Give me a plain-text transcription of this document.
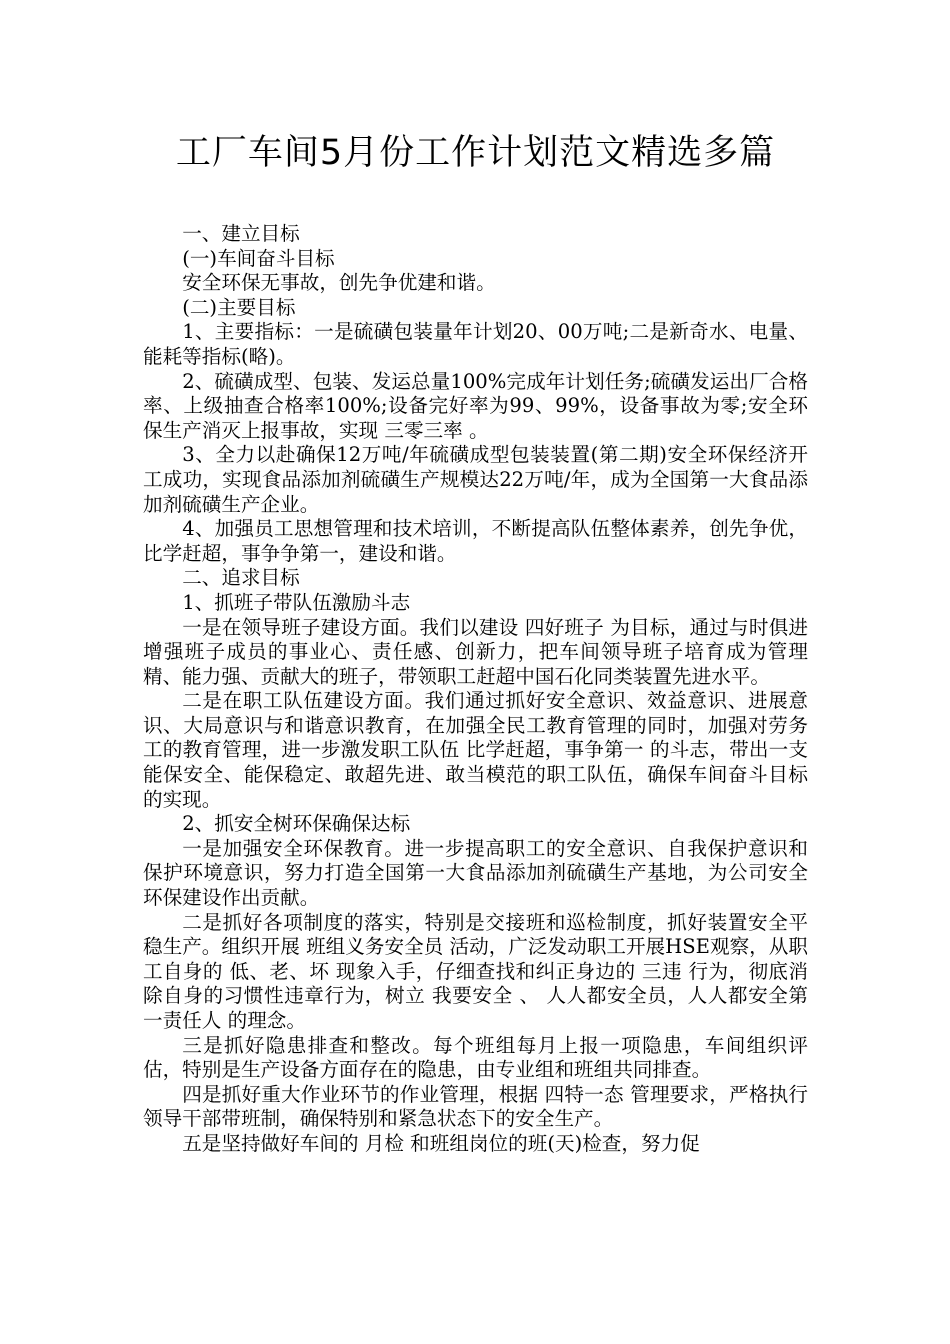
工厂车间5月份工作计划范文精选多篇

一、建立目标

(一)车间奋斗目标

安全环保无事故，创先争优建和谐。

(二)主要目标

1、主要指标：一是硫磺包装量年计划20、00万吨;二是新奇水、电量、能耗等指标(略)。

2、硫磺成型、包装、发运总量100%完成年计划任务;硫磺发运出厂合格率、上级抽查合格率100%;设备完好率为99、99%，设备事故为零;安全环保生产消灭上报事故，实现 三零三率 。

3、全力以赴确保12万吨/年硫磺成型包装装置(第二期)安全环保经济开工成功，实现食品添加剂硫磺生产规模达22万吨/年，成为全国第一大食品添加剂硫磺生产企业。

4、加强员工思想管理和技术培训，不断提高队伍整体素养，创先争优，比学赶超，事争争第一，建设和谐。

二、追求目标

1、抓班子带队伍激励斗志

一是在领导班子建设方面。我们以建设 四好班子 为目标，通过与时俱进增强班子成员的事业心、责任感、创新力，把车间领导班子培育成为管理精、能力强、贡献大的班子，带领职工赶超中国石化同类装置先进水平。

二是在职工队伍建设方面。我们通过抓好安全意识、效益意识、进展意识、大局意识与和谐意识教育，在加强全民工教育管理的同时，加强对劳务工的教育管理，进一步激发职工队伍 比学赶超，事争第一 的斗志，带出一支能保安全、能保稳定、敢超先进、敢当模范的职工队伍，确保车间奋斗目标的实现。

2、抓安全树环保确保达标

一是加强安全环保教育。进一步提高职工的安全意识、自我保护意识和保护环境意识，努力打造全国第一大食品添加剂硫磺生产基地，为公司安全环保建设作出贡献。

二是抓好各项制度的落实，特别是交接班和巡检制度，抓好装置安全平稳生产。组织开展 班组义务安全员 活动，广泛发动职工开展HSE观察，从职工自身的 低、老、坏 现象入手，仔细查找和纠正身边的 三违 行为，彻底消除自身的习惯性违章行为，树立 我要安全 、 人人都安全员，人人都安全第一责任人 的理念。

三是抓好隐患排查和整改。每个班组每月上报一项隐患，车间组织评估，特别是生产设备方面存在的隐患，由专业组和班组共同排查。

四是抓好重大作业环节的作业管理，根据 四特一态 管理要求，严格执行领导干部带班制，确保特别和紧急状态下的安全生产。

五是坚持做好车间的 月检 和班组岗位的班(天)检查，努力促
